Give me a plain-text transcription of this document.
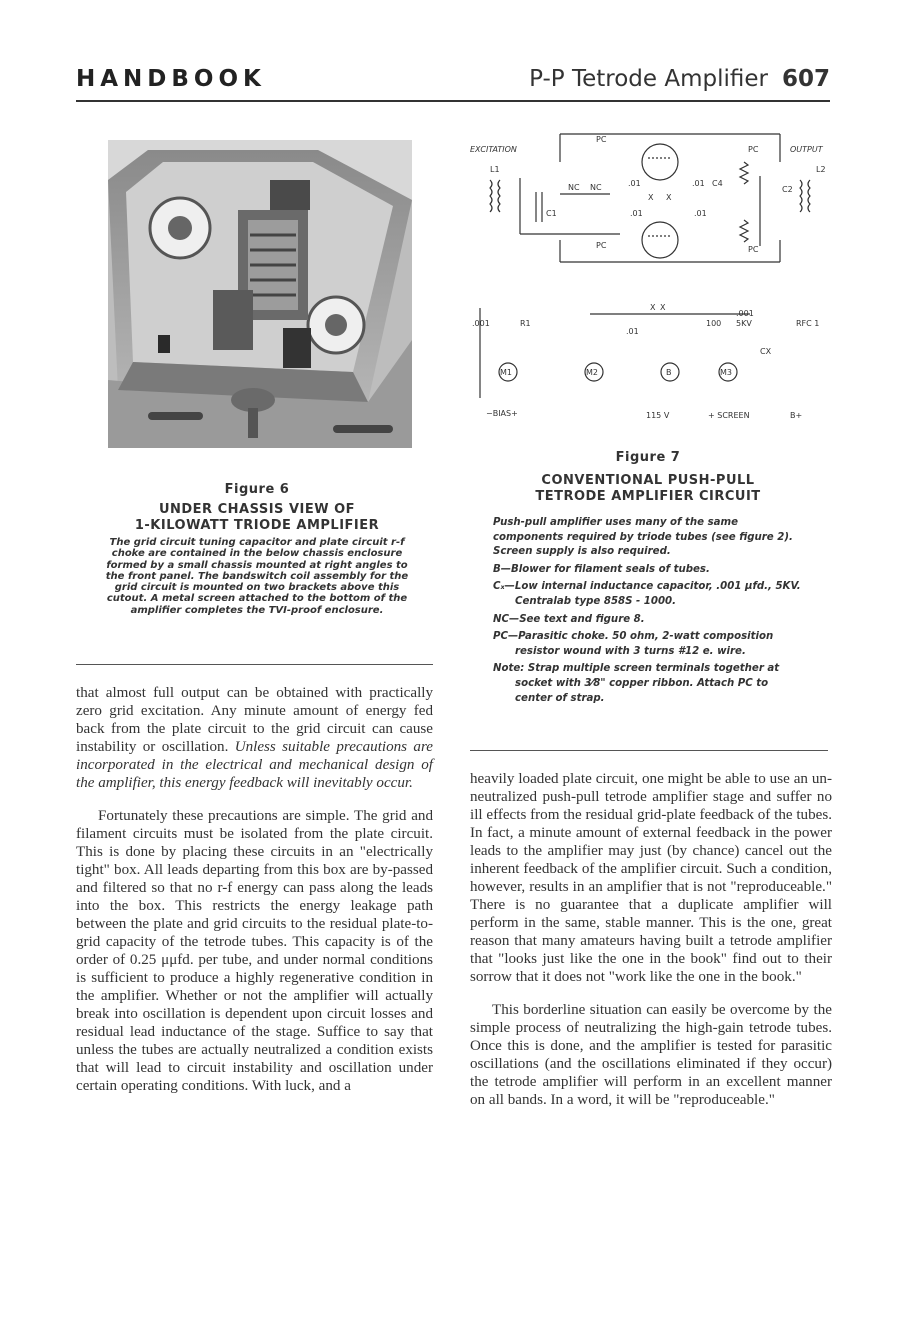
HANDBOOK	P-P Tetrode Amplifier 607
Figure 6
UNDER CHASSIS VIEW OF
1-KILOWATT TRIODE AMPLIFIER
The grid circuit tuning capacitor and plate circuit r-f choke are contained in the below chassis enclosure formed by a small chassis mounted at right angles to the front panel. The bandswitch coil assembly for the grid circuit is mounted on two brackets above this cutout. A metal screen attached to the bottom of the amplifier completes the TVI-proof enclosure.

that almost full output can be obtained with practically zero grid excitation. Any minute amount of energy fed back from the plate circuit to the grid circuit can cause instability or oscillation. Unless suitable precautions are incorporated in the electrical and mechanical design of the amplifier, this energy feedback will inevitably occur.

Fortunately these precautions are simple. The grid and filament circuits must be isolated from the plate circuit. This is done by placing these circuits in an "electrically tight" box. All leads departing from this box are by-passed and filtered so that no r-f energy can pass along the leads into the box. This restricts the energy leakage path between the plate and grid circuits to the residual plate-to-grid capacity of the tetrode tubes. This capacity is of the order of 0.25 μμfd. per tube, and under normal conditions is sufficient to produce a highly regenerative condition in the amplifier. Whether or not the amplifier will actually break into oscillation is dependent upon circuit losses and residual lead inductance of the stage. Suffice to say that unless the tubes are actually neutralized a condition exists that will lead to circuit instability and oscillation under certain operating conditions. With luck, and a

EXCITATION	OUTPUT
L1	L2
C1
NC NC
PC
PC
PC
PC
.01	.01
.01	.01
C4
X X
C2
.001	R1
.01
X X
.001
100 5KV	RFC 1
CX
M1	M2	B	M3
−BIAS+	115 V	+ SCREEN	B+
Figure 7
CONVENTIONAL PUSH-PULL
TETRODE AMPLIFIER CIRCUIT

Push-pull amplifier uses many of the same components required by triode tubes (see figure 2). Screen supply is also required.

B—Blower for filament seals of tubes.

Cₓ—Low internal inductance capacitor, .001 μfd., 5KV. Centralab type 858S - 1000.

NC—See text and figure 8.

PC—Parasitic choke. 50 ohm, 2-watt composition resistor wound with 3 turns #12 e. wire.

Note: Strap multiple screen terminals together at socket with 3⁄8" copper ribbon. Attach PC to center of strap.

heavily loaded plate circuit, one might be able to use an un-neutralized push-pull tetrode amplifier stage and suffer no ill effects from the residual grid-plate feedback of the tubes. In fact, a minute amount of external feedback in the power leads to the amplifier may just (by chance) cancel out the inherent feedback of the amplifier circuit. Such a condition, however, results in an amplifier that is not "reproduceable." There is no guarantee that a duplicate amplifier will perform in the same, stable manner. This is the one, great reason that many amateurs having built a tetrode amplifier that "looks just like the one in the book" find out to their sorrow that it does not "work like the one in the book."

This borderline situation can easily be overcome by the simple process of neutralizing the high-gain tetrode tubes. Once this is done, and the amplifier is tested for parasitic oscillations (and the oscillations eliminated if they occur) the tetrode amplifier will perform in an excellent manner on all bands. In a word, it will be "reproduceable."
